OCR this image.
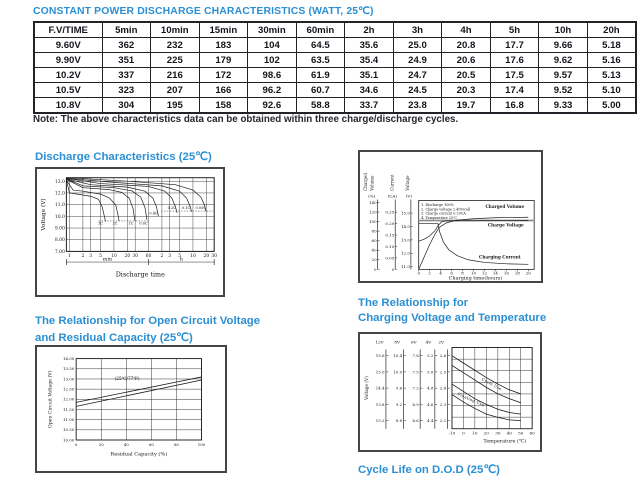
CONSTANT POWER DISCHARGE CHARACTERISTICS (WATT, 25℃)
F.V/TIME	5min	10min	15min	30min	60min	2h	3h	4h	5h	10h	20h
9.60V	362	232	183	104	64.5	35.6	25.0	20.8	17.7	9.66	5.18
9.90V	351	225	179	102	63.5	35.4	24.9	20.6	17.6	9.62	5.16
10.2V	337	216	172	98.6	61.9	35.1	24.7	20.5	17.5	9.57	5.13
10.5V	323	207	166	96.2	60.7	34.6	24.5	20.3	17.4	9.52	5.10
10.8V	304	195	158	92.6	58.8	33.7	23.8	19.7	16.8	9.33	5.00
Note: The above characteristics data can be obtained within three charge/discharge cycles.
Discharge Characteristics (25℃)
13.0
12.0
11.0
10.0
9.00
8.00
7.00
1 2 3 5 10 20 30 60 2 3 5 10 20 30
3C	2C	1C 0.6C
0.4C
0.2C 0.1C 0.05C
Voltage (V)
min	h
Discharge time
Charged Volume
(%)
140
120
100
80
60
40
20
0
Current
(CA)
0.25
0.20
0.15
0.10
0.05
0
Voltage
(V)
15.0
14.0
13.0
12.0
11.0
1. Discharge 100%
2. Charge voltage 2.40V/cell
3. Charge current 0.20CA
4. Temperature 25℃
0 2 4 6 8 10 12 14 16 18 20
Charging time(hours)
Charged Volume
Charge Voltage
Charging Current
The Relationship for Open Circuit Voltage
and Residual Capacity (25℃)
14.00
13.50
13.00
12.50
12.00
11.50
11.00
10.50
10.00
0	20	40	60	80	100
(25℃/77℉)
Open Circuit Voltage (V)
Residual Capacity (%)
The Relationship for
Charging Voltage and Temperature
12V	8V	6V 4V 2V
15.6
15.0
14.4
13.8
13.2
10.4
10.0
9.6
9.2
8.8
7.8
7.5
7.2
6.9
6.6
5.2
5.0
4.8
4.6
4.4
2.6
2.5
2.4
2.3
2.2
-10 0 10 20 30 40 50 60
Cycle Use
Floating Use
Voltage (V)
Temperature (℃)
Cycle Life on D.O.D (25℃)
